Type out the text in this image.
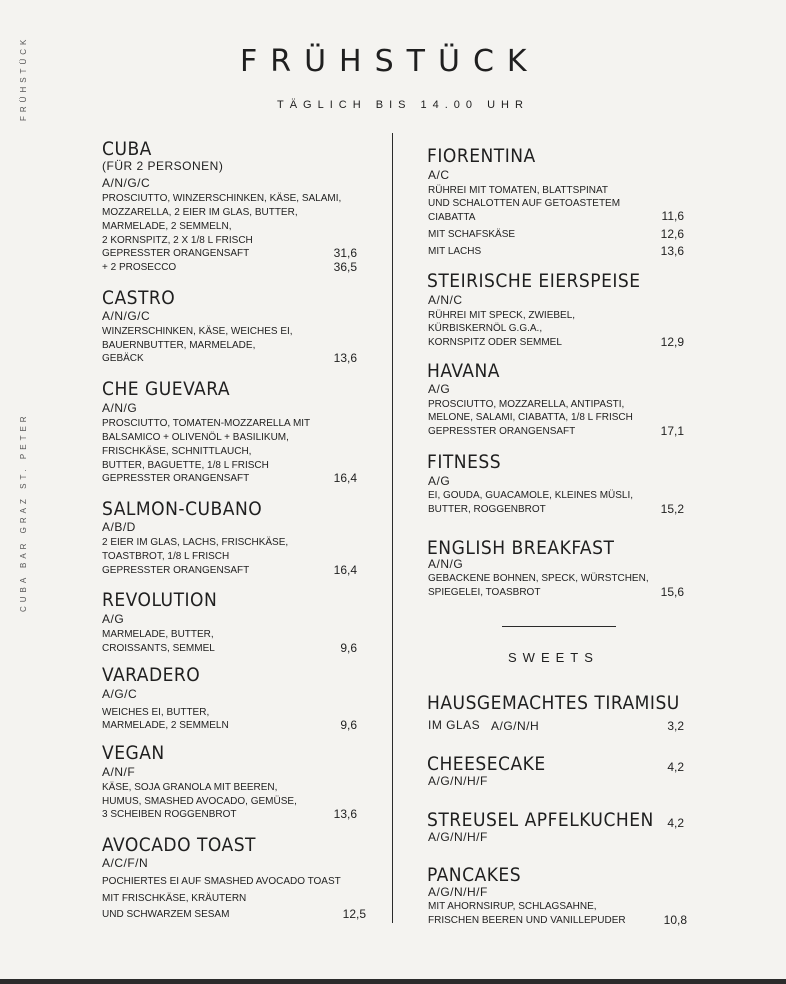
FRÜHSTÜCK
TÄGLICH BIS 14.00 UHR
FRÜHSTÜCK
CUBA BAR GRAZ ST. PETER
SWEETS
CUBA
(FÜR 2 PERSONEN)
A/N/G/C
PROSCIUTTO, WINZERSCHINKEN, KÄSE, SALAMI,
MOZZARELLA, 2 EIER IM GLAS, BUTTER,
MARMELADE, 2 SEMMELN,
2 KORNSPITZ, 2 X 1/8 L FRISCH
GEPRESSTER ORANGENSAFT
+ 2 PROSECCO
31,6
36,5
CASTRO
A/N/G/C
WINZERSCHINKEN, KÄSE, WEICHES EI,
BAUERNBUTTER, MARMELADE,
GEBÄCK	13,6
CHE GUEVARA
A/N/G
PROSCIUTTO, TOMATEN-MOZZARELLA MIT
BALSAMICO + OLIVENÖL + BASILIKUM,
FRISCHKÄSE, SCHNITTLAUCH,
BUTTER, BAGUETTE, 1/8 L FRISCH
GEPRESSTER ORANGENSAFT	16,4
SALMON-CUBANO
A/B/D
2 EIER IM GLAS, LACHS, FRISCHKÄSE,
TOASTBROT, 1/8 L FRISCH
GEPRESSTER ORANGENSAFT	16,4
REVOLUTION
A/G
MARMELADE, BUTTER,
CROISSANTS, SEMMEL	9,6
VARADERO
A/G/C
WEICHES EI, BUTTER,
MARMELADE, 2 SEMMELN	9,6
VEGAN
A/N/F
KÄSE, SOJA GRANOLA MIT BEEREN,
HUMUS, SMASHED AVOCADO, GEMÜSE,
3 SCHEIBEN ROGGENBROT	13,6
AVOCADO TOAST
A/C/F/N
POCHIERTES EI AUF SMASHED AVOCADO TOAST
MIT FRISCHKÄSE, KRÄUTERN
UND SCHWARZEM SESAM	12,5
FIORENTINA
A/C
RÜHREI MIT TOMATEN, BLATTSPINAT
UND SCHALOTTEN AUF GETOASTETEM
CIABATTA
MIT SCHAFSKÄSE
MIT LACHS
11,6
12,6
13,6
STEIRISCHE EIERSPEISE
A/N/C
RÜHREI MIT SPECK, ZWIEBEL,
KÜRBISKERNÖL G.G.A.,
KORNSPITZ ODER SEMMEL	12,9
HAVANA
A/G
PROSCIUTTO, MOZZARELLA, ANTIPASTI,
MELONE, SALAMI, CIABATTA, 1/8 L FRISCH
GEPRESSTER ORANGENSAFT	17,1
FITNESS
A/G
EI, GOUDA, GUACAMOLE, KLEINES MÜSLI,
BUTTER, ROGGENBROT	15,2
ENGLISH BREAKFAST
A/N/G
GEBACKENE BOHNEN, SPECK, WÜRSTCHEN,
SPIEGELEI, TOASBROT	15,6
HAUSGEMACHTES TIRAMISU
IM GLAS A/G/N/H	3,2
CHEESECAKE
A/G/N/H/F
4,2
STREUSEL APFELKUCHEN
A/G/N/H/F
4,2
PANCAKES
A/G/N/H/F
MIT AHORNSIRUP, SCHLAGSAHNE,
FRISCHEN BEEREN UND VANILLEPUDER	10,8
